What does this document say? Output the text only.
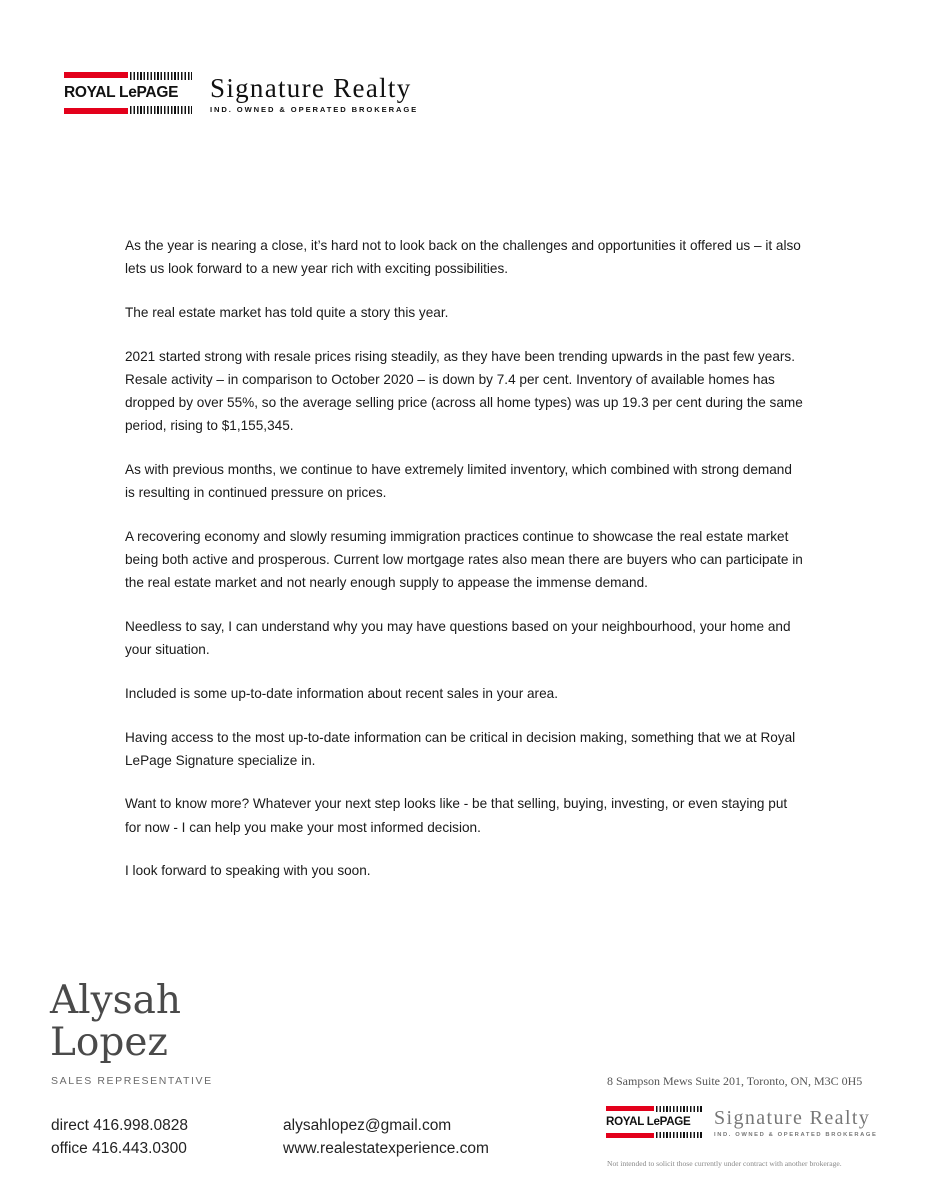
ROYAL LePAGE	Signature Realty
IND. OWNED & OPERATED BROKERAGE

As the year is nearing a close, it’s hard not to look back on the challenges and opportunities it offered us – it also lets us look forward to a new year rich with exciting possibilities.

The real estate market has told quite a story this year.

2021 started strong with resale prices rising steadily, as they have been trending upwards in the past few years. Resale activity – in comparison to October 2020 – is down by 7.4 per cent. Inventory of available homes has dropped by over 55%, so the average selling price (across all home types) was up 19.3 per cent during the same period, rising to $1,155,345.

As with previous months, we continue to have extremely limited inventory, which combined with strong demand is resulting in continued pressure on prices.

A recovering economy and slowly resuming immigration practices continue to showcase the real estate market being both active and prosperous. Current low mortgage rates also mean there are buyers who can participate in the real estate market and not nearly enough supply to appease the immense demand.

Needless to say, I can understand why you may have questions based on your neighbourhood, your home and your situation.

Included is some up-to-date information about recent sales in your area.

Having access to the most up-to-date information can be critical in decision making, something that we at Royal LePage Signature specialize in.

Want to know more? Whatever your next step looks like - be that selling, buying, investing, or even staying put for now - I can help you make your most informed decision.

I look forward to speaking with you soon.

Alysah
Lopez
SALES REPRESENTATIVE
direct 416.998.0828
office 416.443.0300
alysahlopez@gmail.com
www.realestatexperience.com
8 Sampson Mews Suite 201, Toronto, ON, M3C 0H5
ROYAL LePAGE	Signature Realty
IND. OWNED & OPERATED BROKERAGE
Not intended to solicit those currently under contract with another brokerage.
